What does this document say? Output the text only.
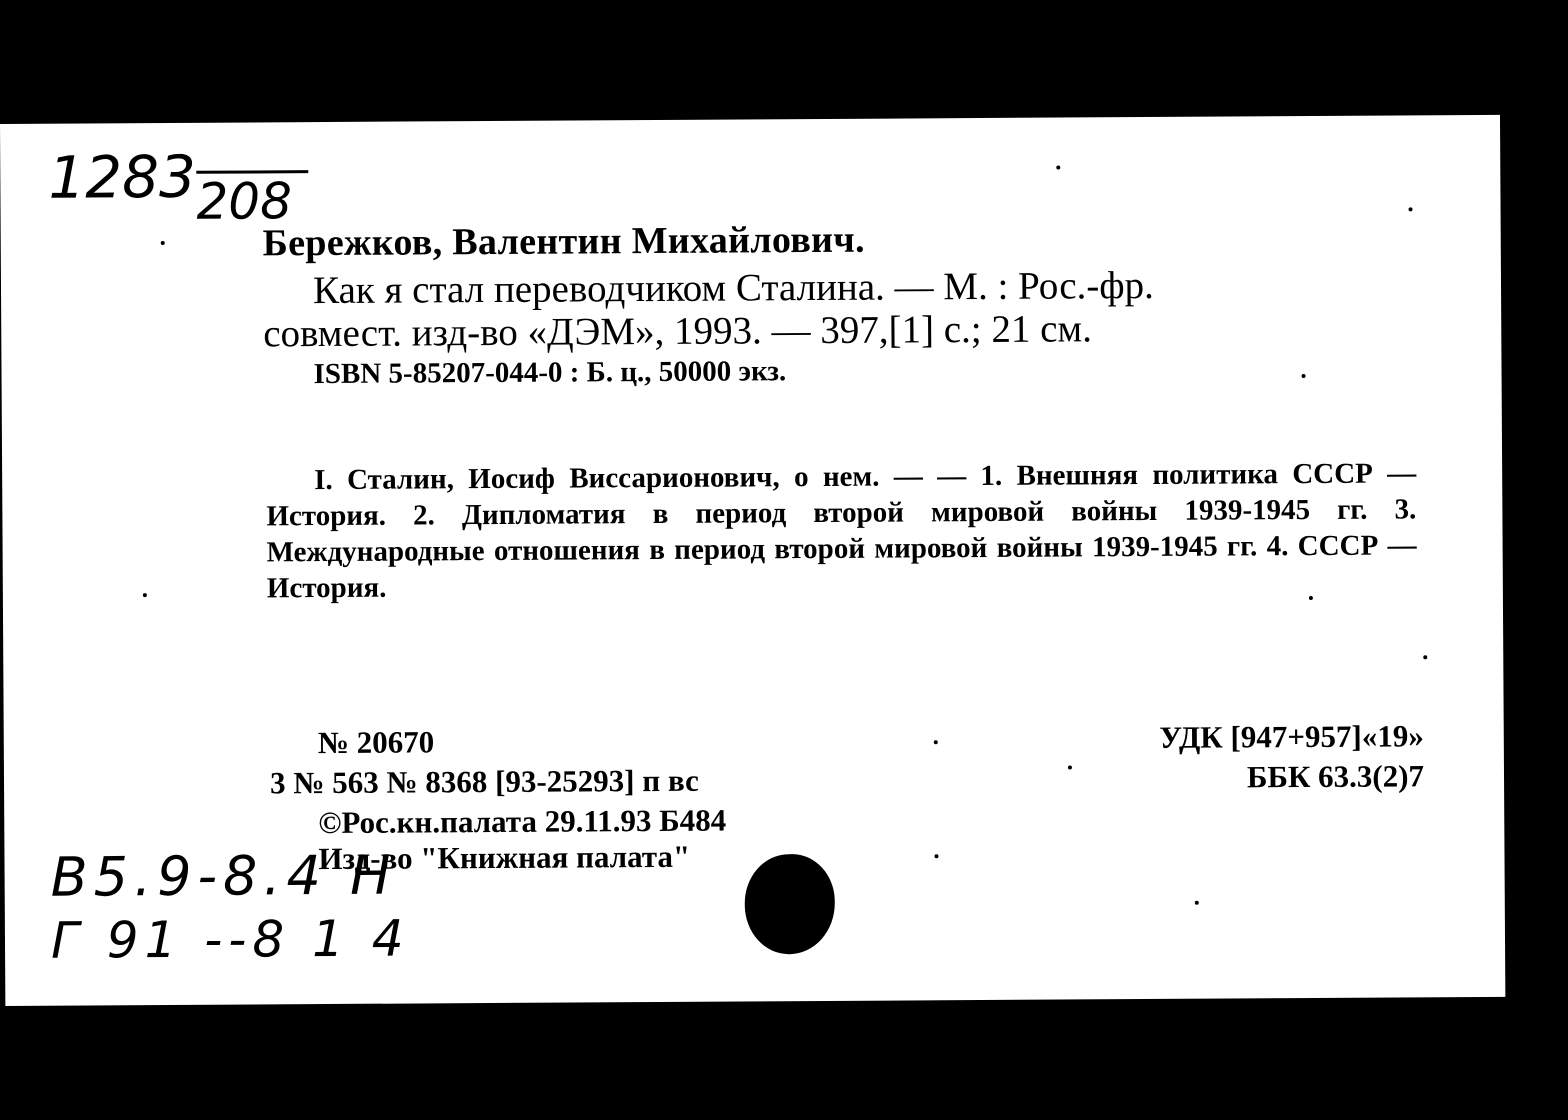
1283 208
Бережков, Валентин Михайлович.
Как я стал переводчиком Сталина. — М. : Рос.-фр.
совмест. изд-во «ДЭМ», 1993. — 397,[1] с.; 21 см.
ISBN 5-85207-044-0 : Б. ц., 50000 экз.
I. Сталин, Иосиф Виссарионович, о нем. — — 1. Внешняя политика СССР — История. 2. Дипломатия в период второй мировой войны 1939-1945 гг. 3. Международные отношения в период второй мировой войны 1939-1945 гг. 4. СССР — История.
№ 20670
3 № 563 № 8368 [93-25293] п вс
©Рос.кн.палата 29.11.93 Б484
Изд-во "Книжная палата"
УДК [947+957]«19»
ББК 63.3(2)7
B5.9-8.4 H
Г 91 --8 1 4
